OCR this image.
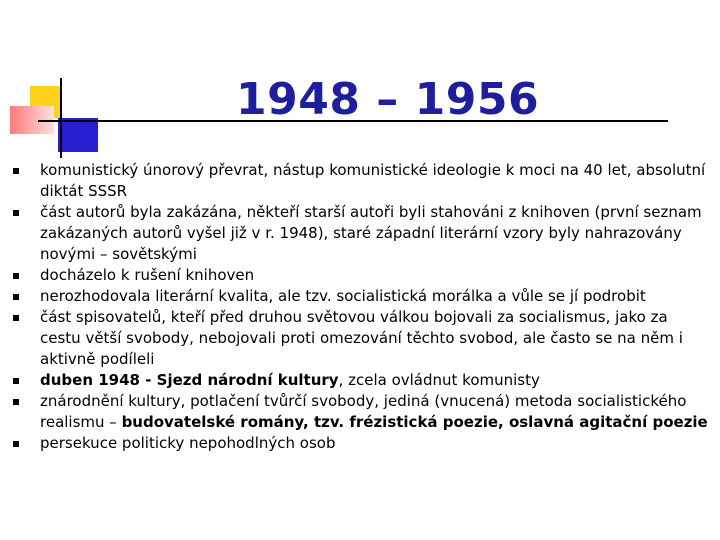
1948 – 1956
komunistický únorový převrat, nástup komunistické ideologie k moci na 40 let, absolutní diktát SSSR
část autorů byla zakázána, někteří starší autoři byli stahováni z knihoven (první seznam zakázaných autorů vyšel již v r. 1948), staré západní literární vzory byly nahrazovány novými – sovětskými
docházelo k rušení knihoven
nerozhodovala literární kvalita, ale tzv. socialistická morálka a vůle se jí podrobit
část spisovatelů, kteří před druhou světovou válkou bojovali za socialismus, jako za cestu větší svobody, nebojovali proti omezování těchto svobod, ale často se na něm i aktivně podíleli
duben 1948 - Sjezd národní kultury, zcela ovládnut komunisty
znárodnění kultury, potlačení tvůrčí svobody, jediná (vnucená) metoda socialistického realismu – budovatelské romány, tzv. frézistická poezie, oslavná agitační poezie
persekuce politicky nepohodlných osob
